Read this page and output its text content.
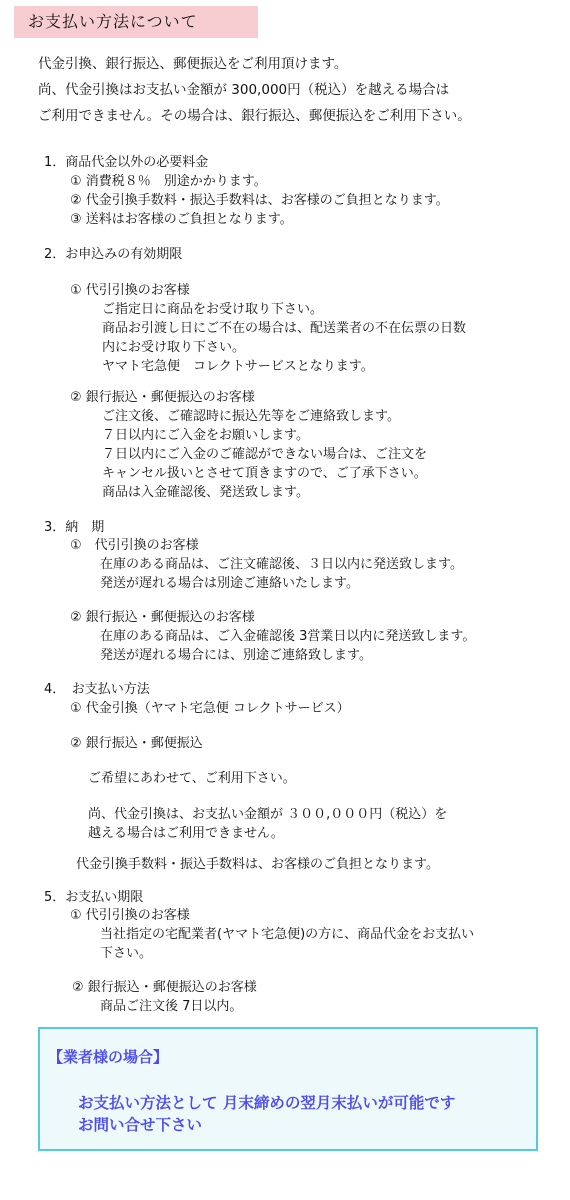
お支払い方法について
代金引換、銀行振込、郵便振込をご利用頂けます。
尚、代金引換はお支払い金額が 300,000円（税込）を越える場合は
ご利用できません。その場合は、銀行振込、郵便振込をご利用下さい。
1．商品代金以外の必要料金
① 消費税８％　別途かかります。
② 代金引換手数料・振込手数料は、お客様のご負担となります。
③ 送料はお客様のご負担となります。
2．お申込みの有効期限
① 代引引換のお客様
ご指定日に商品をお受け取り下さい。
商品お引渡し日にご不在の場合は、配送業者の不在伝票の日数
内にお受け取り下さい。
ヤマト宅急便　コレクトサービスとなります。
② 銀行振込・郵便振込のお客様
ご注文後、ご確認時に振込先等をご連絡致します。
７日以内にご入金をお願いします。
７日以内にご入金のご確認ができない場合は、ご注文を
キャンセル扱いとさせて頂きますので、ご了承下さい。
商品は入金確認後、発送致します。
3．納　期
①　代引引換のお客様
在庫のある商品は、ご注文確認後、３日以内に発送致します。
発送が遅れる場合は別途ご連絡いたします。
② 銀行振込・郵便振込のお客様
在庫のある商品は、ご入金確認後 3営業日以内に発送致します。
発送が遅れる場合には、別途ご連絡致します。
4．　お支払い方法
① 代金引換（ヤマト宅急便 コレクトサービス）
② 銀行振込・郵便振込
ご希望にあわせて、ご利用下さい。
尚、代金引換は、お支払い金額が ３００,０００円（税込）を
越える場合はご利用できません。
代金引換手数料・振込手数料は、お客様のご負担となります。
5．お支払い期限
① 代引引換のお客様
当社指定の宅配業者(ヤマト宅急便)の方に、商品代金をお支払い
下さい。
② 銀行振込・郵便振込のお客様
商品ご注文後 7日以内。
【業者様の場合】
お支払い方法として 月末締めの翌月末払いが可能です
お問い合せ下さい
